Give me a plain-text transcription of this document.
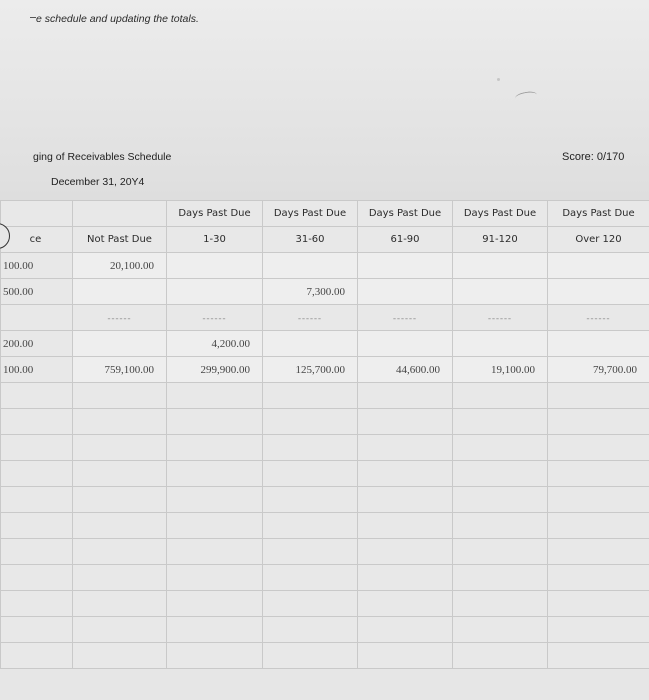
e schedule and updating the totals.
ging of Receivables Schedule
December 31, 20Y4
Score: 0/170
		Days Past Due	Days Past Due	Days Past Due	Days Past Due	Days Past Due
ce	Not Past Due	1-30	31-60	61-90	91-120	Over 120
100.00	20,100.00					
500.00			7,300.00			
	------	------	------	------	------	------
200.00		4,200.00				
100.00	759,100.00	299,900.00	125,700.00	44,600.00	19,100.00	79,700.00
